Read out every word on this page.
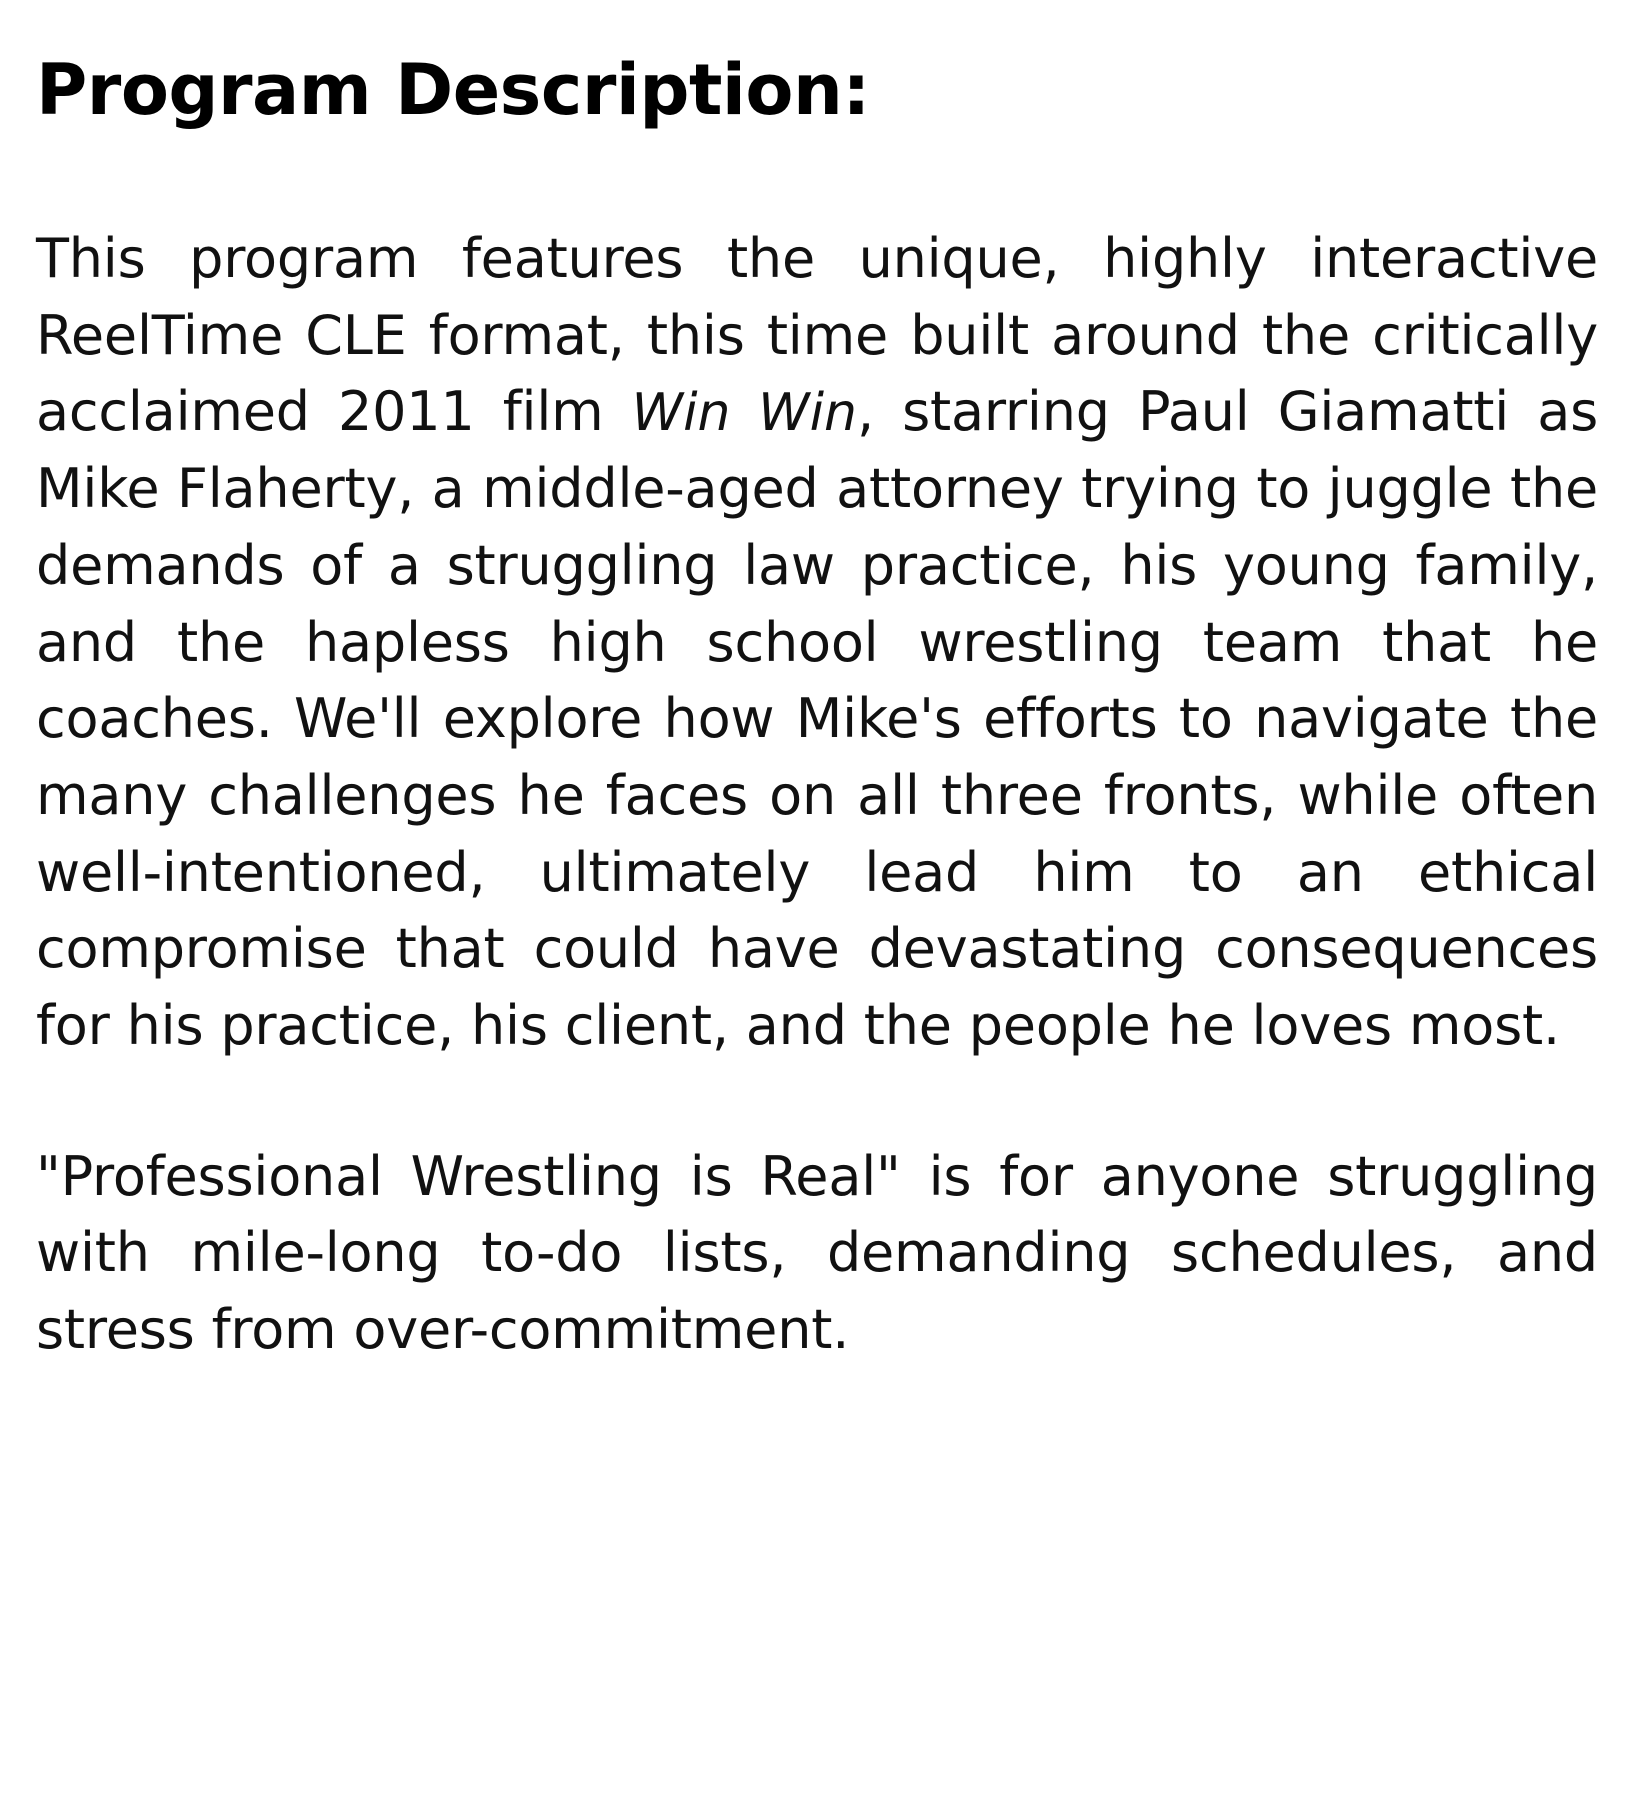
Program Description:

This program features the unique, highly interactive ReelTime CLE format, this time built around the critically acclaimed 2011 film Win Win, starring Paul Giamatti as Mike Flaherty, a middle-aged attorney trying to juggle the demands of a struggling law practice, his young family, and the hapless high school wrestling team that he coaches. We'll explore how Mike's efforts to navigate the many challenges he faces on all three fronts, while often well-intentioned, ultimately lead him to an ethical compromise that could have devastating consequences for his practice, his client, and the people he loves most.

"Professional Wrestling is Real" is for anyone struggling with mile-long to-do lists, demanding schedules, and stress from over-commitment.
